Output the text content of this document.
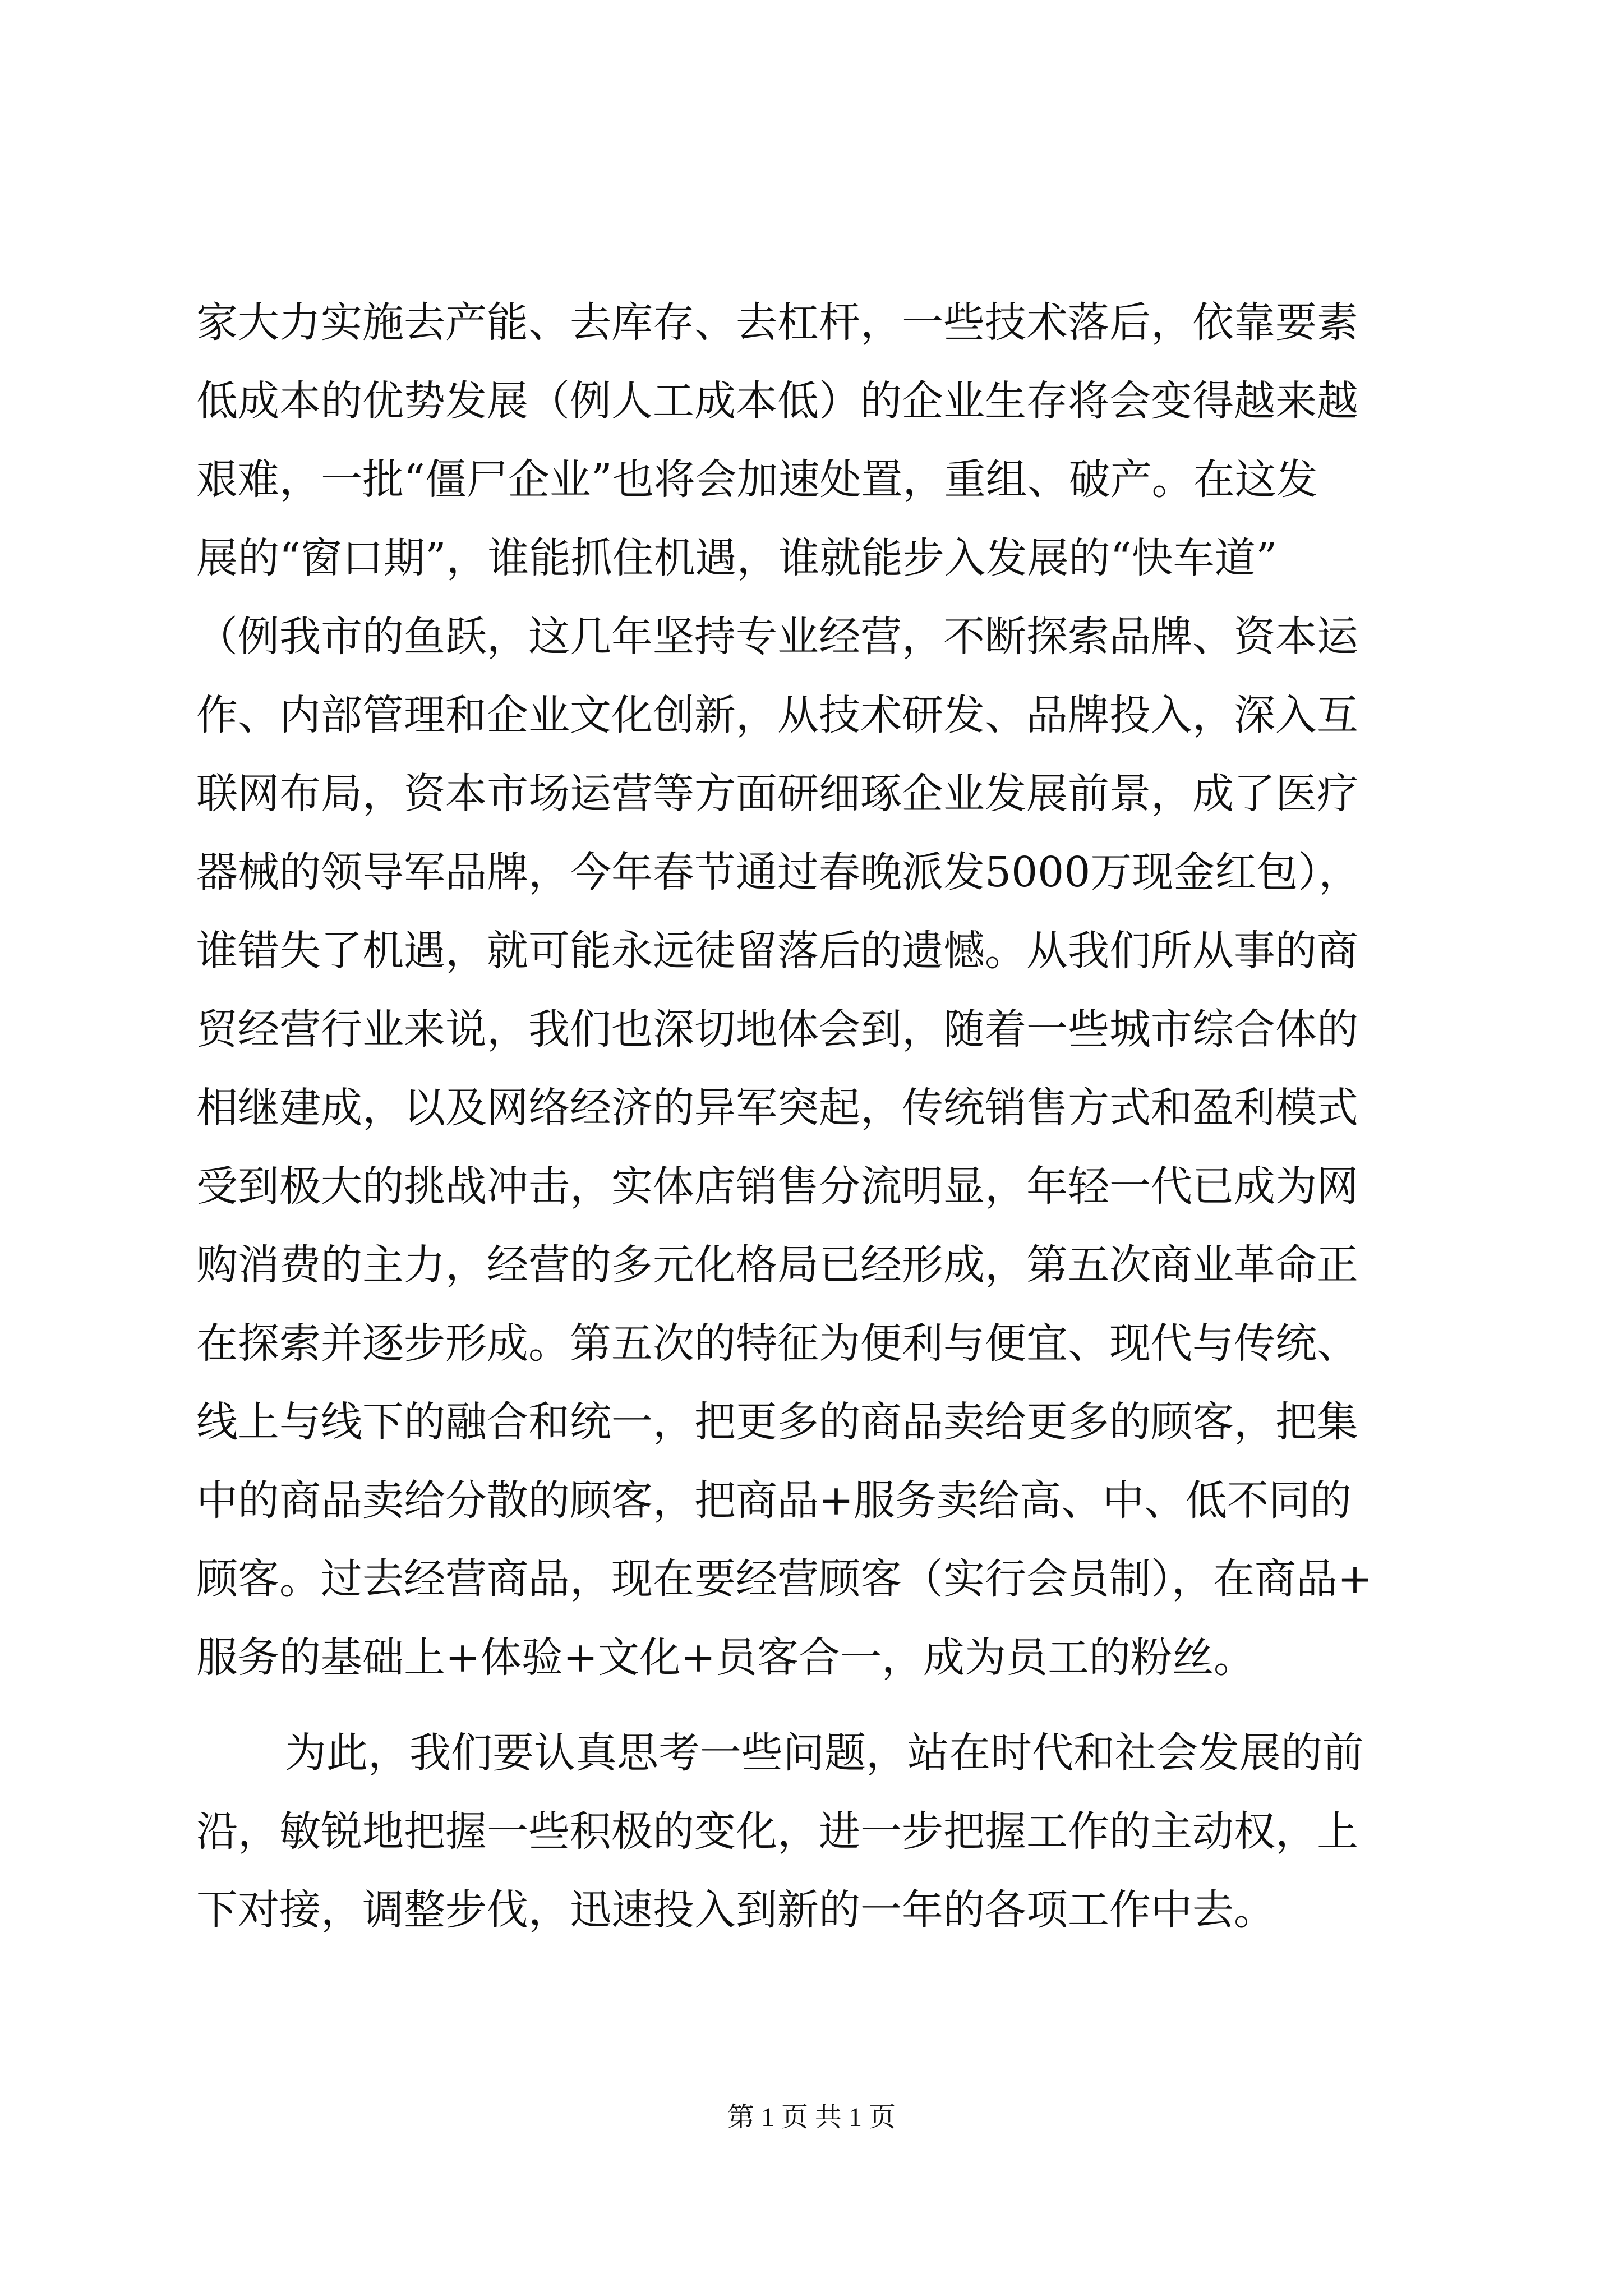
家大力实施去产能、去库存、去杠杆，一些技术落后，依靠要素
低成本的优势发展（例人工成本低）的企业生存将会变得越来越
艰难，一批“僵尸企业”也将会加速处置，重组、破产。在这发
展的“窗口期”，谁能抓住机遇，谁就能步入发展的“快车道”
（例我市的鱼跃，这几年坚持专业经营，不断探索品牌、资本运
作、内部管理和企业文化创新，从技术研发、品牌投入，深入互
联网布局，资本市场运营等方面研细琢企业发展前景，成了医疗
器械的领导军品牌，今年春节通过春晚派发5000万现金红包），
谁错失了机遇，就可能永远徒留落后的遗憾。从我们所从事的商
贸经营行业来说，我们也深切地体会到，随着一些城市综合体的
相继建成，以及网络经济的异军突起，传统销售方式和盈利模式
受到极大的挑战冲击，实体店销售分流明显，年轻一代已成为网
购消费的主力，经营的多元化格局已经形成，第五次商业革命正
在探索并逐步形成。第五次的特征为便利与便宜、现代与传统、
线上与线下的融合和统一，把更多的商品卖给更多的顾客，把集
中的商品卖给分散的顾客，把商品+服务卖给高、中、低不同的
顾客。过去经营商品，现在要经营顾客（实行会员制），在商品+
服务的基础上+体验+文化+员客合一，成为员工的粉丝。
为此，我们要认真思考一些问题，站在时代和社会发展的前
沿，敏锐地把握一些积极的变化，进一步把握工作的主动权，上
下对接，调整步伐，迅速投入到新的一年的各项工作中去。
第 1 页 共 1 页
